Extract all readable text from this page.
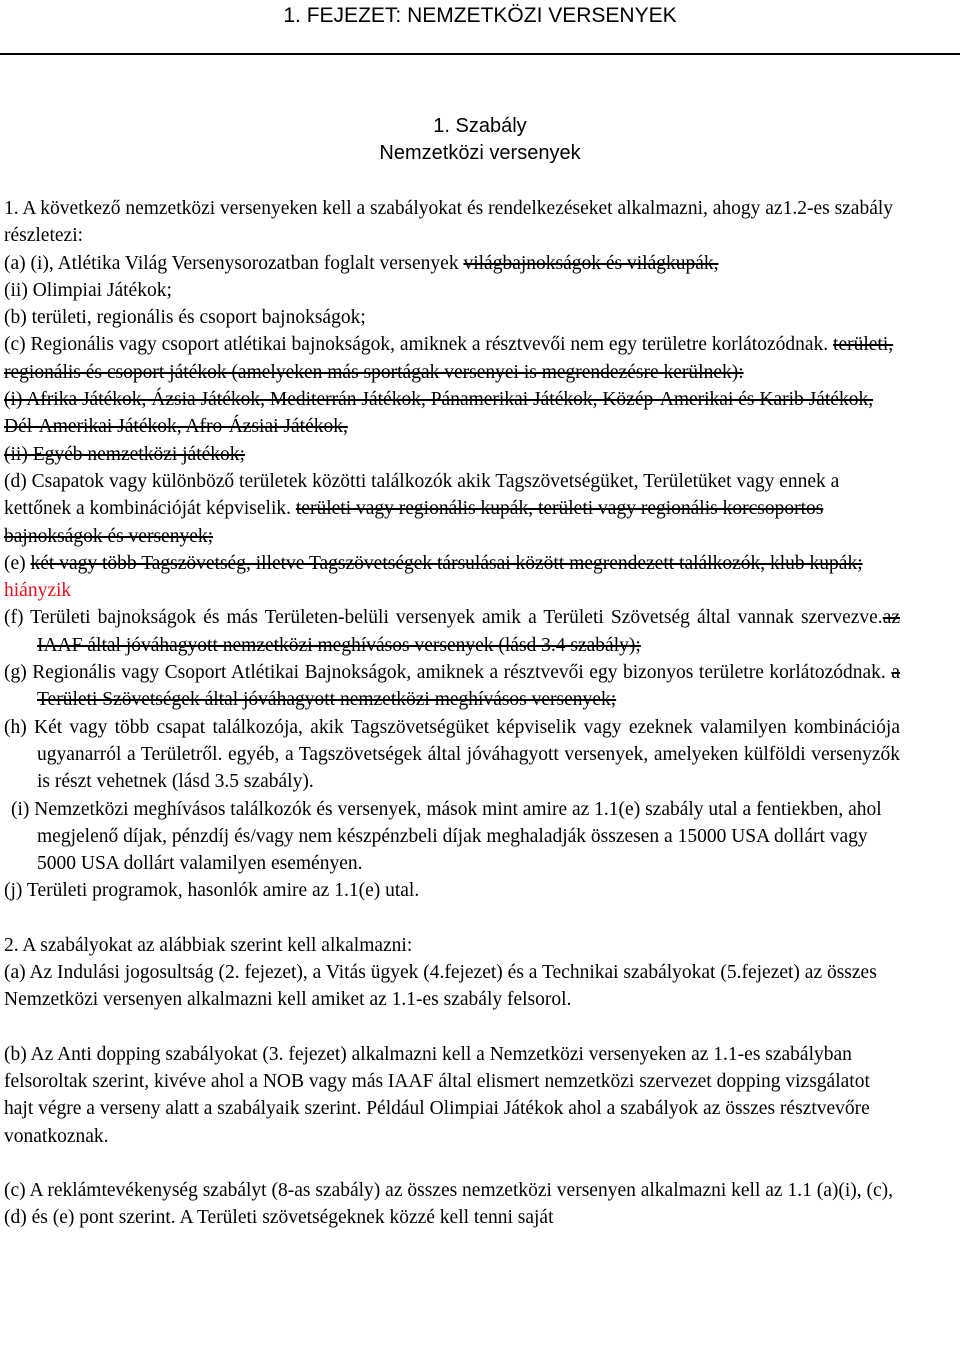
1. FEJEZET: NEMZETKÖZI VERSENYEK
1. Szabály
Nemzetközi versenyek

1. A következő nemzetközi versenyeken kell a szabályokat és rendelkezéseket alkalmazni, ahogy az1.2-es szabály részletezi:

(a) (i), Atlétika Világ Versenysorozatban foglalt versenyek világbajnokságok és világkupák,

(ii) Olimpiai Játékok;

(b) területi, regionális és csoport bajnokságok;

(c) Regionális vagy csoport atlétikai bajnokságok, amiknek a résztvevői nem egy területre korlátozódnak. területi, regionális és csoport játékok (amelyeken más sportágak versenyei is megrendezésre kerülnek):

(i) Afrika Játékok, Ázsia Játékok, Mediterrán Játékok, Pánamerikai Játékok, Közép-Amerikai és Karib Játékok, Dél-Amerikai Játékok, Afro-Ázsiai Játékok,

(ii) Egyéb nemzetközi játékok;

(d) Csapatok vagy különböző területek közötti találkozók akik Tagszövetségüket, Területüket vagy ennek a kettőnek a kombinációját képviselik. területi vagy regionális kupák, területi vagy regionális korcsoportos bajnokságok és versenyek;

(e) két vagy több Tagszövetség, illetve Tagszövetségek társulásai között megrendezett találkozók, klub kupák; hiányzik

(f) Területi bajnokságok és más Területen-belüli versenyek amik a Területi Szövetség által vannak szervezve.az IAAF által jóváhagyott nemzetközi meghívásos versenyek (lásd 3.4 szabály);

(g) Regionális vagy Csoport Atlétikai Bajnokságok, amiknek a résztvevői egy bizonyos területre korlátozódnak. a Területi Szövetségek által jóváhagyott nemzetközi meghívásos versenyek;

(h) Két vagy több csapat találkozója, akik Tagszövetségüket képviselik vagy ezeknek valamilyen kombinációja ugyanarról a Területről. egyéb, a Tagszövetségek által jóváhagyott versenyek, amelyeken külföldi versenyzők is részt vehetnek (lásd 3.5 szabály).

(i) Nemzetközi meghívásos találkozók és versenyek, mások mint amire az 1.1(e) szabály utal a fentiekben, ahol megjelenő díjak, pénzdíj és/vagy nem készpénzbeli díjak meghaladják összesen a 15000 USA dollárt vagy 5000 USA dollárt valamilyen eseményen.

(j) Területi programok, hasonlók amire az 1.1(e) utal.

2. A szabályokat az alábbiak szerint kell alkalmazni:

(a) Az Indulási jogosultság (2. fejezet), a Vitás ügyek (4.fejezet) és a Technikai szabályokat (5.fejezet) az összes Nemzetközi versenyen alkalmazni kell amiket az 1.1-es szabály felsorol.

(b) Az Anti dopping szabályokat (3. fejezet) alkalmazni kell a Nemzetközi versenyeken az 1.1-es szabályban felsoroltak szerint, kivéve ahol a NOB vagy más IAAF által elismert nemzetközi szervezet dopping vizsgálatot hajt végre a verseny alatt a szabályaik szerint. Például Olimpiai Játékok ahol a szabályok az összes résztvevőre vonatkoznak.

(c) A reklámtevékenység szabályt (8-as szabály) az összes nemzetközi versenyen alkalmazni kell az 1.1 (a)(i), (c), (d) és (e) pont szerint. A Területi szövetségeknek közzé kell tenni saját
